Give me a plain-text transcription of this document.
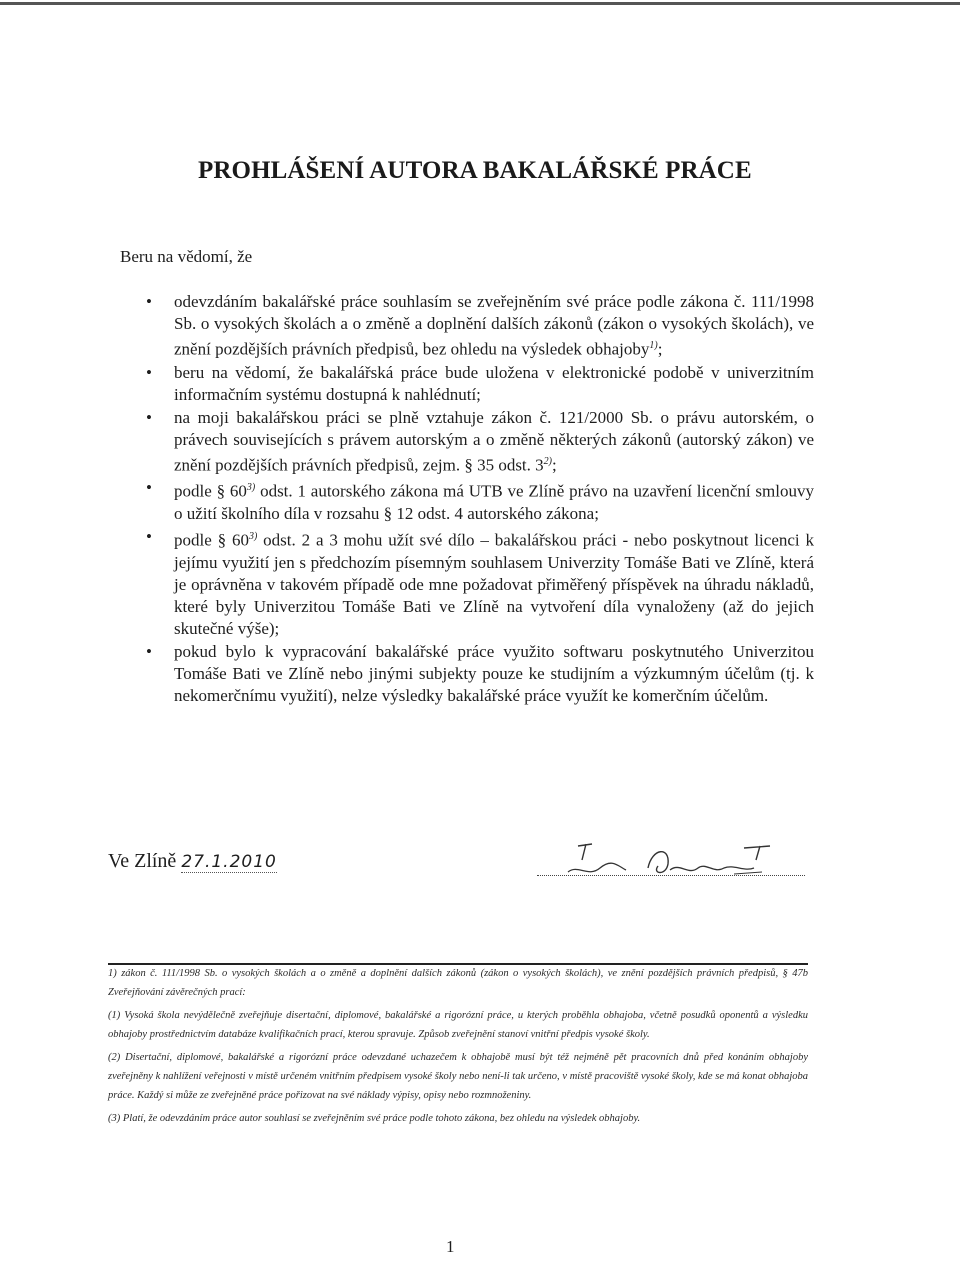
PROHLÁŠENÍ AUTORA BAKALÁŘSKÉ PRÁCE
Beru na vědomí, že
• odevzdáním bakalářské práce souhlasím se zveřejněním své práce podle zákona č. 111/1998 Sb. o vysokých školách a o změně a doplnění dalších zákonů (zákon o vysokých školách), ve znění pozdějších právních předpisů, bez ohledu na výsledek obhajoby$^{1)}$;
• beru na vědomí, že bakalářská práce bude uložena v elektronické podobě v univerzitním informačním systému dostupná k nahlédnutí;
• na moji bakalářskou práci se plně vztahuje zákon č. 121/2000 Sb. o právu autorském, o právech souvisejících s právem autorským a o změně některých zákonů (autorský zákon) ve znění pozdějších právních předpisů, zejm. § 35 odst. 3$^{2)}$;
• podle § 60$^{3)}$ odst. 1 autorského zákona má UTB ve Zlíně právo na uzavření licenční smlouvy o užití školního díla v rozsahu § 12 odst. 4 autorského zákona;
• podle § 60$^{3)}$ odst. 2 a 3 mohu užít své dílo – bakalářskou práci - nebo poskytnout licenci k jejímu využití jen s předchozím písemným souhlasem Univerzity Tomáše Bati ve Zlíně, která je oprávněna v takovém případě ode mne požadovat přiměřený příspěvek na úhradu nákladů, které byly Univerzitou Tomáše Bati ve Zlíně na vytvoření díla vynaloženy (až do jejich skutečné výše);
• pokud bylo k vypracování bakalářské práce využito softwaru poskytnutého Univerzitou Tomáše Bati ve Zlíně nebo jinými subjekty pouze ke studijním a výzkumným účelům (tj. k nekomerčnímu využití), nelze výsledky bakalářské práce využít ke komerčním účelům.
Ve Zlíně 27.1.2010

1) zákon č. 111/1998 Sb. o vysokých školách a o změně a doplnění dalších zákonů (zákon o vysokých školách), ve znění pozdějších právních předpisů, § 47b Zveřejňování závěrečných prací:

(1) Vysoká škola nevýdělečně zveřejňuje disertační, diplomové, bakalářské a rigorózní práce, u kterých proběhla obhajoba, včetně posudků oponentů a výsledku obhajoby prostřednictvím databáze kvalifikačních prací, kterou spravuje. Způsob zveřejnění stanoví vnitřní předpis vysoké školy.

(2) Disertační, diplomové, bakalářské a rigorózní práce odevzdané uchazečem k obhajobě musí být též nejméně pět pracovních dnů před konáním obhajoby zveřejněny k nahlížení veřejnosti v místě určeném vnitřním předpisem vysoké školy nebo není-li tak určeno, v místě pracoviště vysoké školy, kde se má konat obhajoba práce. Každý si může ze zveřejněné práce pořizovat na své náklady výpisy, opisy nebo rozmnoženiny.

(3) Platí, že odevzdáním práce autor souhlasí se zveřejněním své práce podle tohoto zákona, bez ohledu na výsledek obhajoby.

1
